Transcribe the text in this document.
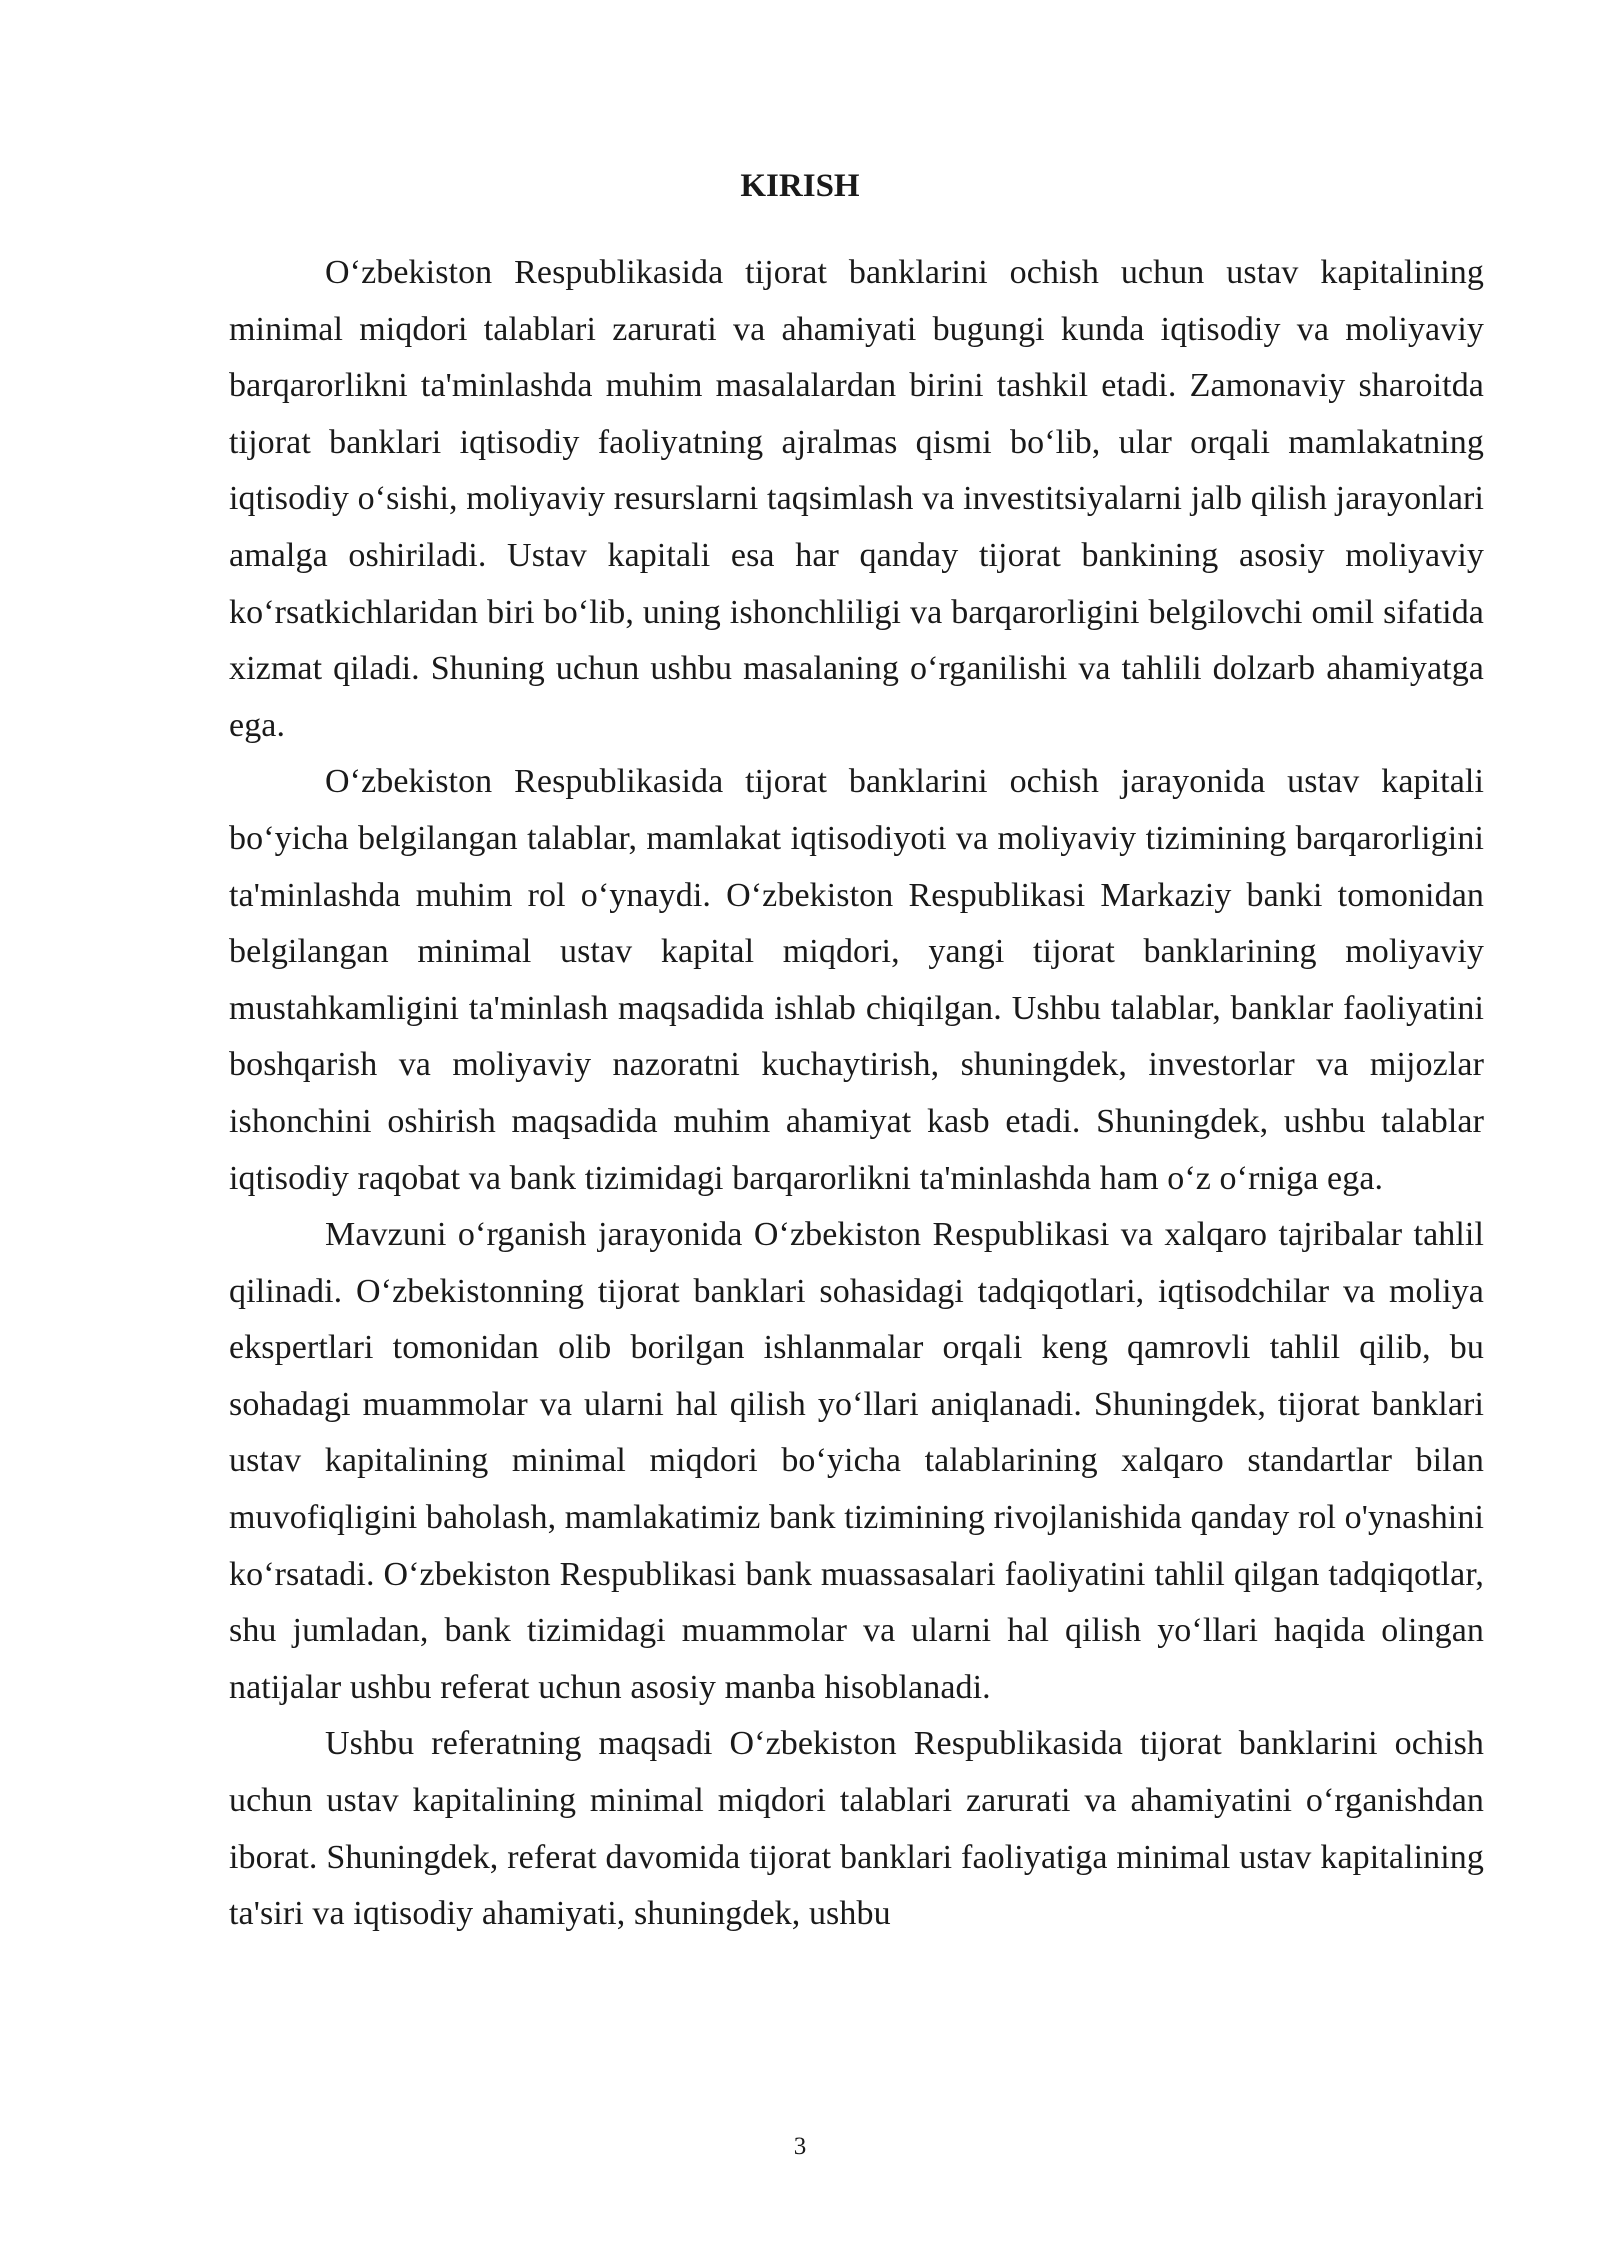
KIRISH

O‘zbekiston Respublikasida tijorat banklarini ochish uchun ustav kapitalining minimal miqdori talablari zarurati va ahamiyati bugungi kunda iqtisodiy va moliyaviy barqarorlikni ta'minlashda muhim masalalardan birini tashkil etadi. Zamonaviy sharoitda tijorat banklari iqtisodiy faoliyatning ajralmas qismi bo‘lib, ular orqali mamlakatning iqtisodiy o‘sishi, moliyaviy resurslarni taqsimlash va investitsiyalarni jalb qilish jarayonlari amalga oshiriladi. Ustav kapitali esa har qanday tijorat bankining asosiy moliyaviy ko‘rsatkichlaridan biri bo‘lib, uning ishonchliligi va barqarorligini belgilovchi omil sifatida xizmat qiladi. Shuning uchun ushbu masalaning o‘rganilishi va tahlili dolzarb ahamiyatga ega.

O‘zbekiston Respublikasida tijorat banklarini ochish jarayonida ustav kapitali bo‘yicha belgilangan talablar, mamlakat iqtisodiyoti va moliyaviy tizimining barqarorligini ta'minlashda muhim rol o‘ynaydi. O‘zbekiston Respublikasi Markaziy banki tomonidan belgilangan minimal ustav kapital miqdori, yangi tijorat banklarining moliyaviy mustahkamligini ta'minlash maqsadida ishlab chiqilgan. Ushbu talablar, banklar faoliyatini boshqarish va moliyaviy nazoratni kuchaytirish, shuningdek, investorlar va mijozlar ishonchini oshirish maqsadida muhim ahamiyat kasb etadi. Shuningdek, ushbu talablar iqtisodiy raqobat va bank tizimidagi barqarorlikni ta'minlashda ham o‘z o‘rniga ega.

Mavzuni o‘rganish jarayonida O‘zbekiston Respublikasi va xalqaro tajribalar tahlil qilinadi. O‘zbekistonning tijorat banklari sohasidagi tadqiqotlari, iqtisodchilar va moliya ekspertlari tomonidan olib borilgan ishlanmalar orqali keng qamrovli tahlil qilib, bu sohadagi muammolar va ularni hal qilish yo‘llari aniqlanadi. Shuningdek, tijorat banklari ustav kapitalining minimal miqdori bo‘yicha talablarining xalqaro standartlar bilan muvofiqligini baholash, mamlakatimiz bank tizimining rivojlanishida qanday rol o'ynashini ko‘rsatadi. O‘zbekiston Respublikasi bank muassasalari faoliyatini tahlil qilgan tadqiqotlar, shu jumladan, bank tizimidagi muammolar va ularni hal qilish yo‘llari haqida olingan natijalar ushbu referat uchun asosiy manba hisoblanadi.

Ushbu referatning maqsadi O‘zbekiston Respublikasida tijorat banklarini ochish uchun ustav kapitalining minimal miqdori talablari zarurati va ahamiyatini o‘rganishdan iborat. Shuningdek, referat davomida tijorat banklari faoliyatiga minimal ustav kapitalining ta'siri va iqtisodiy ahamiyati, shuningdek, ushbu

3
